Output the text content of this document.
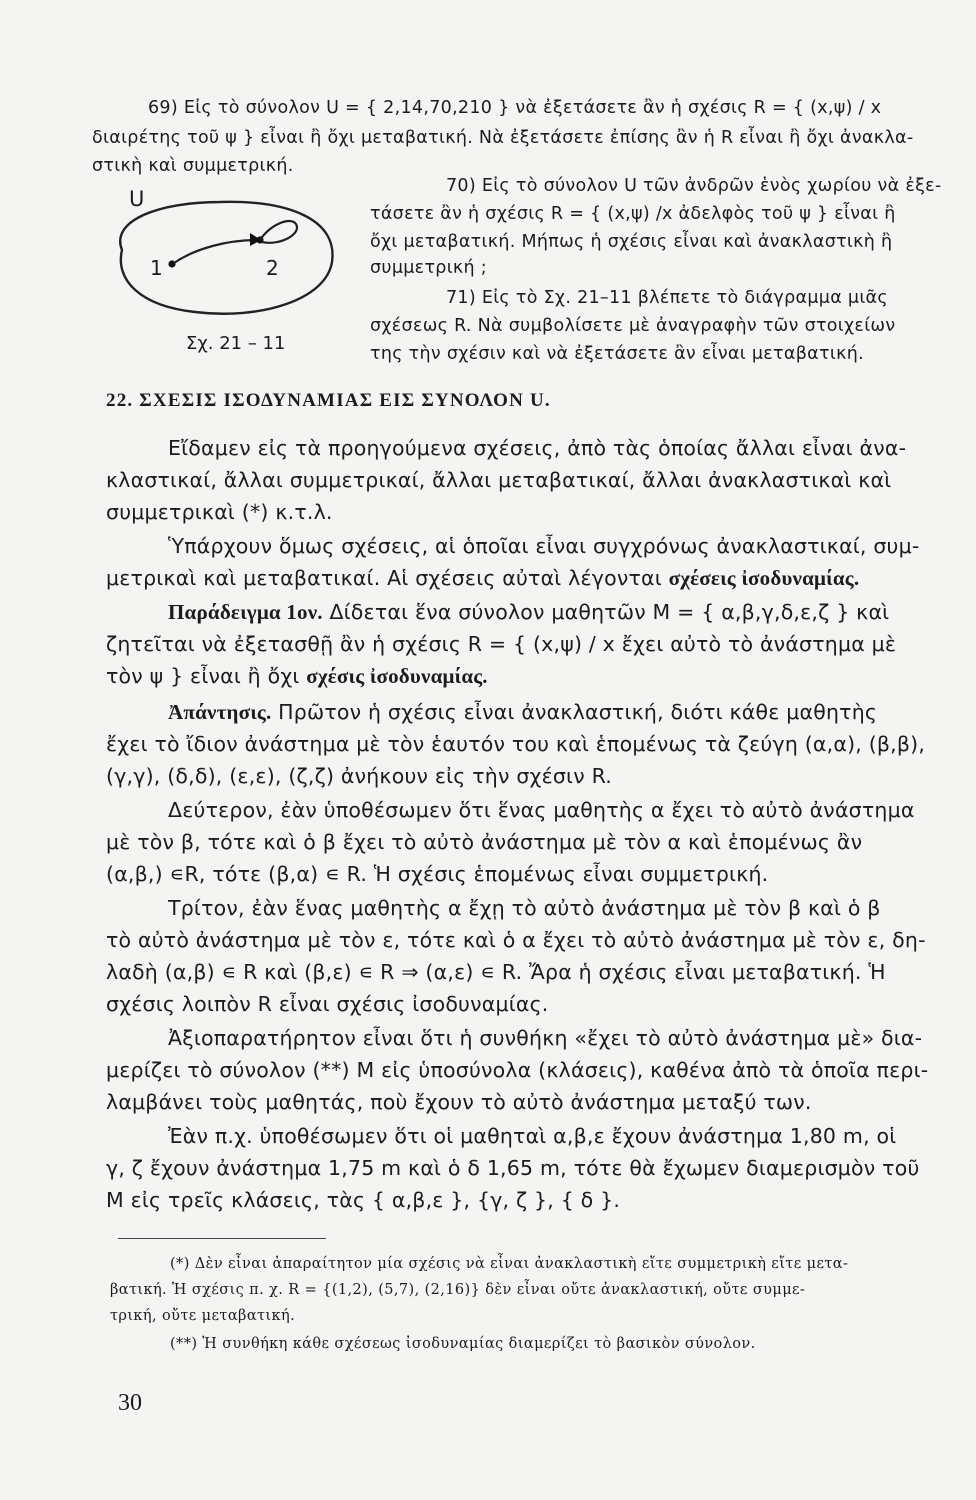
69) Εἰς τὸ σύνολον U = { 2,14,70,210 } νὰ ἐξετάσετε ἂν ἡ σχέσις R = { (x,ψ) / x
διαιρέτης τοῦ ψ } εἶναι ἢ ὄχι μεταβατική. Νὰ ἐξετάσετε ἐπίσης ἂν ἡ R εἶναι ἢ ὄχι ἀνακλα-
στικὴ καὶ συμμετρική.
U
1	2
Σχ. 21 – 11
70) Εἰς τὸ σύνολον U τῶν ἀνδρῶν ἑνὸς χωρίου νὰ ἐξε-
τάσετε ἂν ἡ σχέσις R = { (x,ψ) /x ἀδελφὸς τοῦ ψ } εἶναι ἢ
ὄχι μεταβατική. Μήπως ἡ σχέσις εἶναι καὶ ἀνακλαστικὴ ἢ
συμμετρική ;
71) Εἰς τὸ Σχ. 21–11 βλέπετε τὸ διάγραμμα μιᾶς
σχέσεως R. Νὰ συμβολίσετε μὲ ἀναγραφὴν τῶν στοιχείων
της τὴν σχέσιν καὶ νὰ ἐξετάσετε ἂν εἶναι μεταβατική.
22. ΣΧΕΣΙΣ ΙΣΟΔΥΝΑΜΙΑΣ ΕΙΣ ΣΥΝΟΛΟΝ U.
Εἴδαμεν εἰς τὰ προηγούμενα σχέσεις, ἀπὸ τὰς ὁποίας ἄλλαι εἶναι ἀνα-
κλαστικαί, ἄλλαι συμμετρικαί, ἄλλαι μεταβατικαί, ἄλλαι ἀνακλαστικαὶ καὶ
συμμετρικαὶ (*) κ.τ.λ.
Ὑπάρχουν ὅμως σχέσεις, αἱ ὁποῖαι εἶναι συγχρόνως ἀνακλαστικαί, συμ-
μετρικαὶ καὶ μεταβατικαί. Αἱ σχέσεις αὐταὶ λέγονται σχέσεις ἰσοδυναμίας.
Παράδειγμα 1ον. Δίδεται ἕνα σύνολον μαθητῶν M = { α,β,γ,δ,ε,ζ } καὶ
ζητεῖται νὰ ἐξετασθῇ ἂν ἡ σχέσις R = { (x,ψ) / x ἔχει αὐτὸ τὸ ἀνάστημα μὲ
τὸν ψ } εἶναι ἢ ὄχι σχέσις ἰσοδυναμίας.
Ἀπάντησις. Πρῶτον ἡ σχέσις εἶναι ἀνακλαστική, διότι κάθε μαθητὴς
ἔχει τὸ ἴδιον ἀνάστημα μὲ τὸν ἑαυτόν του καὶ ἑπομένως τὰ ζεύγη (α,α), (β,β),
(γ,γ), (δ,δ), (ε,ε), (ζ,ζ) ἀνήκουν εἰς τὴν σχέσιν R.
Δεύτερον, ἐὰν ὑποθέσωμεν ὅτι ἕνας μαθητὴς α ἔχει τὸ αὐτὸ ἀνάστημα
μὲ τὸν β, τότε καὶ ὁ β ἔχει τὸ αὐτὸ ἀνάστημα μὲ τὸν α καὶ ἑπομένως ἂν
(α,β,) ∊R, τότε (β,α) ∊ R. Ἡ σχέσις ἑπομένως εἶναι συμμετρική.
Τρίτον, ἐὰν ἕνας μαθητὴς α ἔχῃ τὸ αὐτὸ ἀνάστημα μὲ τὸν β καὶ ὁ β
τὸ αὐτὸ ἀνάστημα μὲ τὸν ε, τότε καὶ ὁ α ἔχει τὸ αὐτὸ ἀνάστημα μὲ τὸν ε, δη-
λαδὴ (α,β) ∊ R καὶ (β,ε) ∊ R ⇒ (α,ε) ∊ R. Ἄρα ἡ σχέσις εἶναι μεταβατική. Ἡ
σχέσις λοιπὸν R εἶναι σχέσις ἰσοδυναμίας.
Ἀξιοπαρατήρητον εἶναι ὅτι ἡ συνθήκη «ἔχει τὸ αὐτὸ ἀνάστημα μὲ» δια-
μερίζει τὸ σύνολον (**) M εἰς ὑποσύνολα (κλάσεις), καθένα ἀπὸ τὰ ὁποῖα περι-
λαμβάνει τοὺς μαθητάς, ποὺ ἔχουν τὸ αὐτὸ ἀνάστημα μεταξύ των.
Ἐὰν π.χ. ὑποθέσωμεν ὅτι οἱ μαθηταὶ α,β,ε ἔχουν ἀνάστημα 1,80 m, οἱ
γ, ζ ἔχουν ἀνάστημα 1,75 m καὶ ὁ δ 1,65 m, τότε θὰ ἔχωμεν διαμερισμὸν τοῦ
M εἰς τρεῖς κλάσεις, τὰς { α,β,ε }, {γ, ζ }, { δ }.
(*) Δὲν εἶναι ἀπαραίτητον μία σχέσις νὰ εἶναι ἀνακλαστικὴ εἴτε συμμετρικὴ εἴτε μετα-
βατική. Ἡ σχέσις π. χ. R = {(1,2), (5,7), (2,16)} δὲν εἶναι οὔτε ἀνακλαστική, οὔτε συμμε-
τρική, οὔτε μεταβατική.
(**) Ἡ συνθήκη κάθε σχέσεως ἰσοδυναμίας διαμερίζει τὸ βασικὸν σύνολον.
30
